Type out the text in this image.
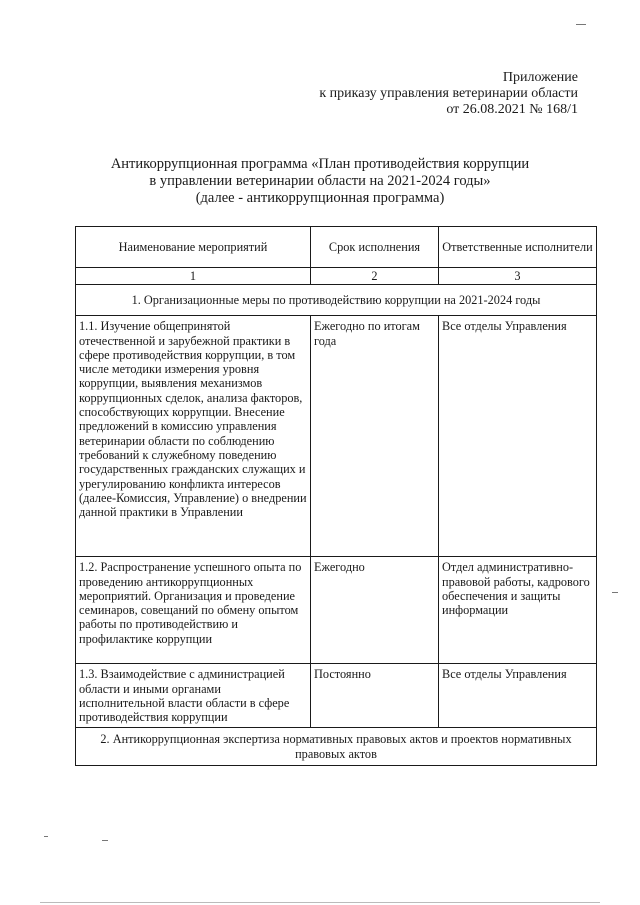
Приложение
к приказу управления ветеринарии области
от 26.08.2021 № 168/1
Антикоррупционная программа «План противодействия коррупции
в управлении ветеринарии области на 2021-2024 годы»
(далее - антикоррупционная программа)
Наименование мероприятий	Срок исполнения	Ответственные исполнители
1	2	3
1. Организационные меры по противодействию коррупции на 2021-2024 годы		
1.1. Изучение общепринятой отечественной и зарубежной практики в сфере противодействия коррупции, в том числе методики измерения уровня коррупции, выявления механизмов коррупционных сделок, анализа факторов, способствующих коррупции. Внесение предложений в комиссию управления ветеринарии области по соблюдению требований к служебному поведению государственных гражданских служащих и урегулированию конфликта интересов (далее-Комиссия, Управление) о внедрении данной практики в Управлении	Ежегодно по итогам года	Все отделы Управления
1.2. Распространение успешного опыта по проведению антикоррупционных мероприятий. Организация и проведение семинаров, совещаний по обмену опытом работы по противодействию и профилактике коррупции	Ежегодно	Отдел административно-правовой работы, кадрового обеспечения и защиты информации
1.3. Взаимодействие с администрацией области и иными органами исполнительной власти области в сфере противодействия коррупции	Постоянно	Все отделы Управления
2. Антикоррупционная экспертиза нормативных правовых актов и проектов нормативных правовых актов		
